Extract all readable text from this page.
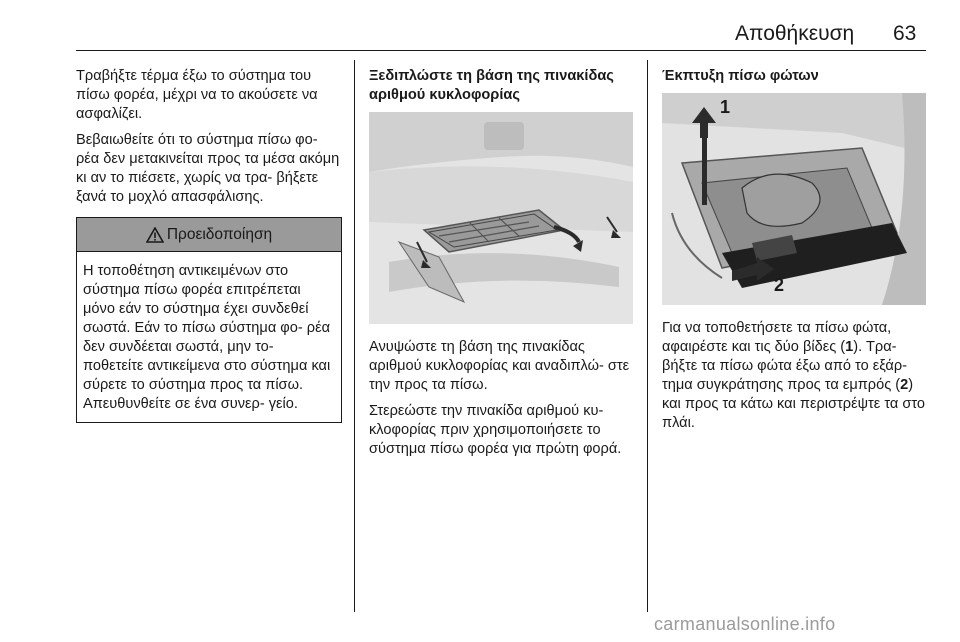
Αποθήκευση 63

Τραβήξτε τέρμα έξω το σύστημα του πίσω φορέα, μέχρι να το ακούσετε να ασφαλίζει.

Βεβαιωθείτε ότι το σύστημα πίσω φο‐ ρέα δεν μετακινείται προς τα μέσα ακόμη κι αν το πιέσετε, χωρίς να τρα‐ βήξετε ξανά το μοχλό απασφάλισης.

Προειδοποίηση
Η τοποθέτηση αντικειμένων στο σύστημα πίσω φορέα επιτρέπεται μόνο εάν το σύστημα έχει συνδεθεί σωστά. Εάν το πίσω σύστημα φο‐ ρέα δεν συνδέεται σωστά, μην το‐ ποθετείτε αντικείμενα στο σύστημα και σύρετε το σύστημα προς τα πίσω. Απευθυνθείτε σε ένα συνερ‐ γείο.

Ξεδιπλώστε τη βάση της πινακίδας αριθμού κυκλοφορίας

Ανυψώστε τη βάση της πινακίδας αριθμού κυκλοφορίας και αναδιπλώ‐ στε την προς τα πίσω.

Στερεώστε την πινακίδα αριθμού κυ‐ κλοφορίας πριν χρησιμοποιήσετε το σύστημα πίσω φορέα για πρώτη φορά.

Έκπτυξη πίσω φώτων

1
2

Για να τοποθετήσετε τα πίσω φώτα, αφαιρέστε και τις δύο βίδες (1). Τρα‐ βήξτε τα πίσω φώτα έξω από το εξάρ‐ τημα συγκράτησης προς τα εμπρός (2) και προς τα κάτω και περιστρέψτε τα στο πλάι.

carmanualsonline.info
